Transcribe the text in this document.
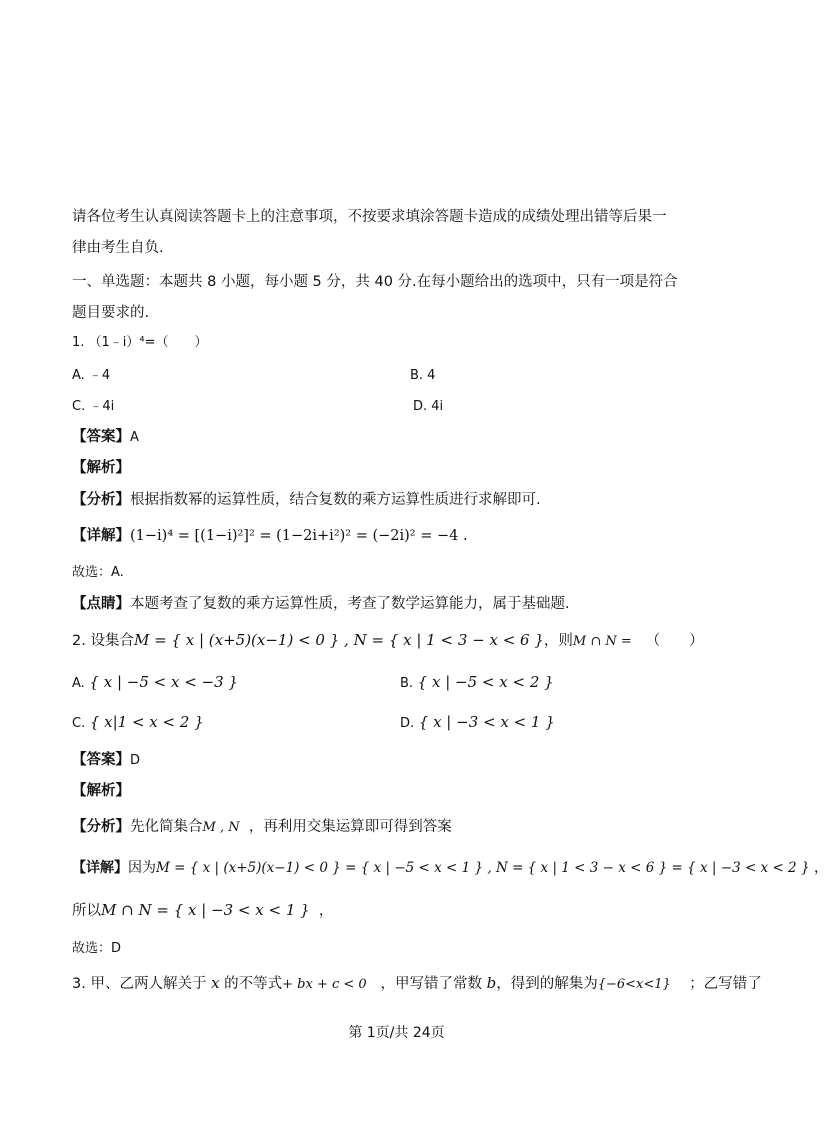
请各位考生认真阅读答题卡上的注意事项，不按要求填涂答题卡造成的成绩处理出错等后果一
律由考生自负.
一、单选题：本题共 8 小题，每小题 5 分，共 40 分.在每小题给出的选项中，只有一项是符合
题目要求的.
1. （1﹣i）⁴=（　　）
A. ﹣4	B. 4
C. ﹣4i	D. 4i
【答案】A
【解析】
【分析】根据指数幂的运算性质，结合复数的乘方运算性质进行求解即可.
【详解】(1−i)⁴ = [(1−i)²]² = (1−2i+i²)² = (−2i)² = −4 .
故选：A.
【点睛】本题考查了复数的乘方运算性质，考查了数学运算能力，属于基础题.
2. 设集合M = { x | (x+5)(x−1) < 0 } , N = { x | 1 < 3 − x < 6 }，则M ∩ N = （　　）
A. { x | −5 < x < −3 }	B. { x | −5 < x < 2 }
C. { x|1 < x < 2 }	D. { x | −3 < x < 1 }
【答案】D
【解析】
【分析】先化简集合M , N ，再利用交集运算即可得到答案
【详解】因为M = { x | (x+5)(x−1) < 0 } = { x | −5 < x < 1 } , N = { x | 1 < 3 − x < 6 } = { x | −3 < x < 2 } ，
所以M ∩ N = { x | −3 < x < 1 } ，
故选：D
3. 甲、乙两人解关于 x 的不等式+ bx + c < 0 ，甲写错了常数 b，得到的解集为{−6<x<1} ；乙写错了
第 1页/共 24页
